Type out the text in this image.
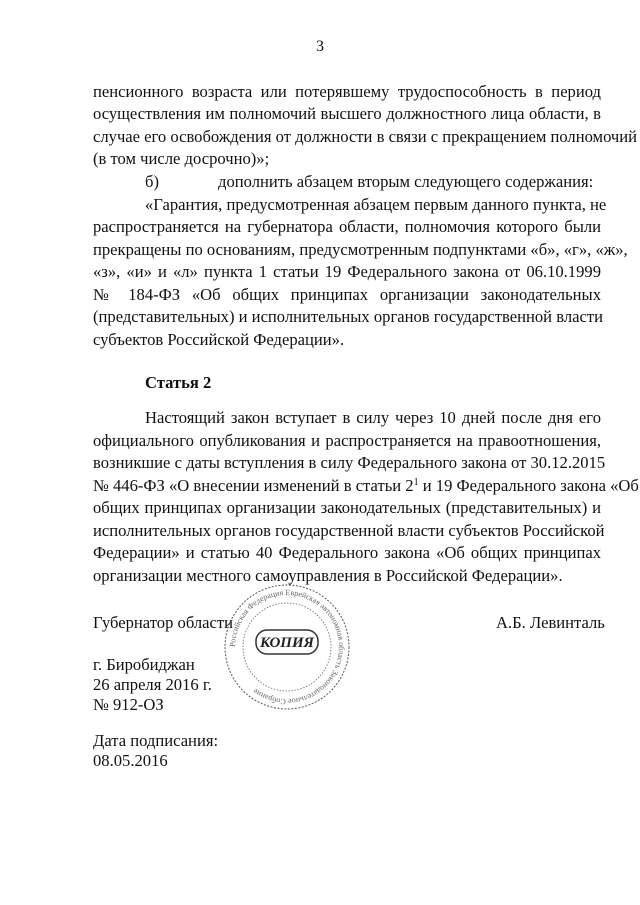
3
пенсионного возраста или потерявшему трудоспособность в период
осуществления им полномочий высшего должностного лица области, в
случае его освобождения от должности в связи с прекращением полномочий
(в том числе досрочно)»;
б)	дополнить абзацем вторым следующего содержания:
«Гарантия, предусмотренная абзацем первым данного пункта, не
распространяется на губернатора области, полномочия которого были
прекращены по основаниям, предусмотренным подпунктами «б», «г», «ж»,
«з», «и» и «л» пункта 1 статьи 19 Федерального закона от 06.10.1999
№ 184-ФЗ «Об общих принципах организации законодательных
(представительных) и исполнительных органов государственной власти
субъектов Российской Федерации».
Статья 2
Настоящий закон вступает в силу через 10 дней после дня его
официального опубликования и распространяется на правоотношения,
возникшие с даты вступления в силу Федерального закона от 30.12.2015
№ 446-ФЗ «О внесении изменений в статьи $2^1$ и 19 Федерального закона «Об
общих принципах организации законодательных (представительных) и
исполнительных органов государственной власти субъектов Российской
Федерации» и статью 40 Федерального закона «Об общих принципах
организации местного самоуправления в Российской Федерации».
Губернатор области	А.Б. Левинталь
Российская Федерация Еврейская автономная область Законодательное Собрание
КОПИЯ
г. Биробиджан
26 апреля 2016 г.
№ 912-ОЗ
Дата подписания:
08.05.2016
